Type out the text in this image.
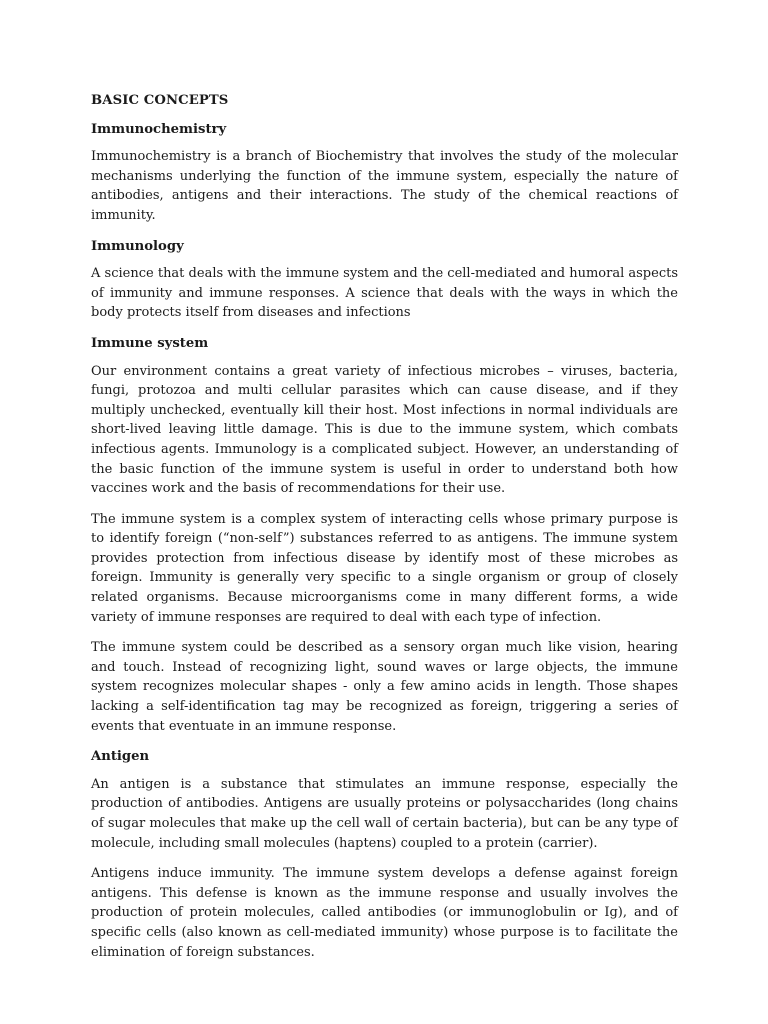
BASIC CONCEPTS
Immunochemistry

Immunochemistry is a branch of Biochemistry that involves the study of the molecular mechanisms underlying the function of the immune system, especially the nature of antibodies, antigens and their interactions. The study of the chemical reactions of immunity.

Immunology

A science that deals with the immune system and the cell-mediated and humoral aspects of immunity and immune responses. A science that deals with the ways in which the body protects itself from diseases and infections

Immune system

Our environment contains a great variety of infectious microbes – viruses, bacteria, fungi, protozoa and multi cellular parasites which can cause disease, and if they multiply unchecked, eventually kill their host. Most infections in normal individuals are short-lived leaving little damage. This is due to the immune system, which combats infectious agents. Immunology is a complicated subject. However, an understanding of the basic function of the immune system is useful in order to understand both how vaccines work and the basis of recommendations for their use.

The immune system is a complex system of interacting cells whose primary purpose is to identify foreign (“non-self”) substances referred to as antigens. The immune system provides protection from infectious disease by identify most of these microbes as foreign. Immunity is generally very specific to a single organism or group of closely related organisms. Because microorganisms come in many different forms, a wide variety of immune responses are required to deal with each type of infection.

The immune system could be described as a sensory organ much like vision, hearing and touch. Instead of recognizing light, sound waves or large objects, the immune system recognizes molecular shapes - only a few amino acids in length. Those shapes lacking a self-identification tag may be recognized as foreign, triggering a series of events that eventuate in an immune response.

Antigen

An antigen is a substance that stimulates an immune response, especially the production of antibodies. Antigens are usually proteins or polysaccharides (long chains of sugar molecules that make up the cell wall of certain bacteria), but can be any type of molecule, including small molecules (haptens) coupled to a protein (carrier).

Antigens induce immunity. The immune system develops a defense against foreign antigens. This defense is known as the immune response and usually involves the production of protein molecules, called antibodies (or immunoglobulin or Ig), and of specific cells (also known as cell-mediated immunity) whose purpose is to facilitate the elimination of foreign substances.
